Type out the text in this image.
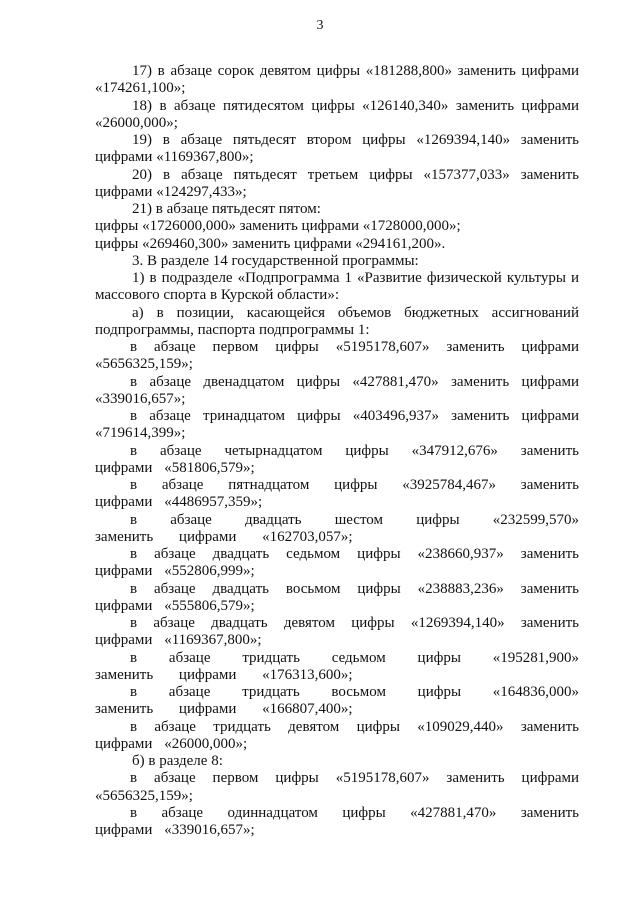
3

17) в абзаце сорок девятом цифры «181288,800» заменить цифрами «174261,100»;

18) в абзаце пятидесятом цифры «126140,340» заменить цифрами «26000,000»;

19) в абзаце пятьдесят втором цифры «1269394,140» заменить цифрами «1169367,800»;

20) в абзаце пятьдесят третьем цифры «157377,033» заменить цифрами «124297,433»;

21) в абзаце пятьдесят пятом:

цифры «1726000,000» заменить цифрами «1728000,000»;

цифры «269460,300» заменить цифрами «294161,200».

3. В разделе 14 государственной программы:

1) в подразделе «Подпрограмма 1 «Развитие физической культуры и массового спорта в Курской области»:

а) в позиции, касающейся объемов бюджетных ассигнований подпрограммы, паспорта подпрограммы 1:

в абзаце первом цифры «5195178,607» заменить цифрами «5656325,159»;

в абзаце двенадцатом цифры «427881,470» заменить цифрами «339016,657»;

в абзаце тринадцатом цифры «403496,937» заменить цифрами «719614,399»;

в абзаце четырнадцатом цифры «347912,676» заменить цифрами «581806,579»;

в абзаце пятнадцатом цифры «3925784,467» заменить цифрами «4486957,359»;

в абзаце двадцать шестом цифры «232599,570» заменить цифрами «162703,057»;

в абзаце двадцать седьмом цифры «238660,937» заменить цифрами «552806,999»;

в абзаце двадцать восьмом цифры «238883,236» заменить цифрами «555806,579»;

в абзаце двадцать девятом цифры «1269394,140» заменить цифрами «1169367,800»;

в абзаце тридцать седьмом цифры «195281,900» заменить цифрами «176313,600»;

в абзаце тридцать восьмом цифры «164836,000» заменить цифрами «166807,400»;

в абзаце тридцать девятом цифры «109029,440» заменить цифрами «26000,000»;

б) в разделе 8:

в абзаце первом цифры «5195178,607» заменить цифрами «5656325,159»;

в абзаце одиннадцатом цифры «427881,470» заменить цифрами «339016,657»;
